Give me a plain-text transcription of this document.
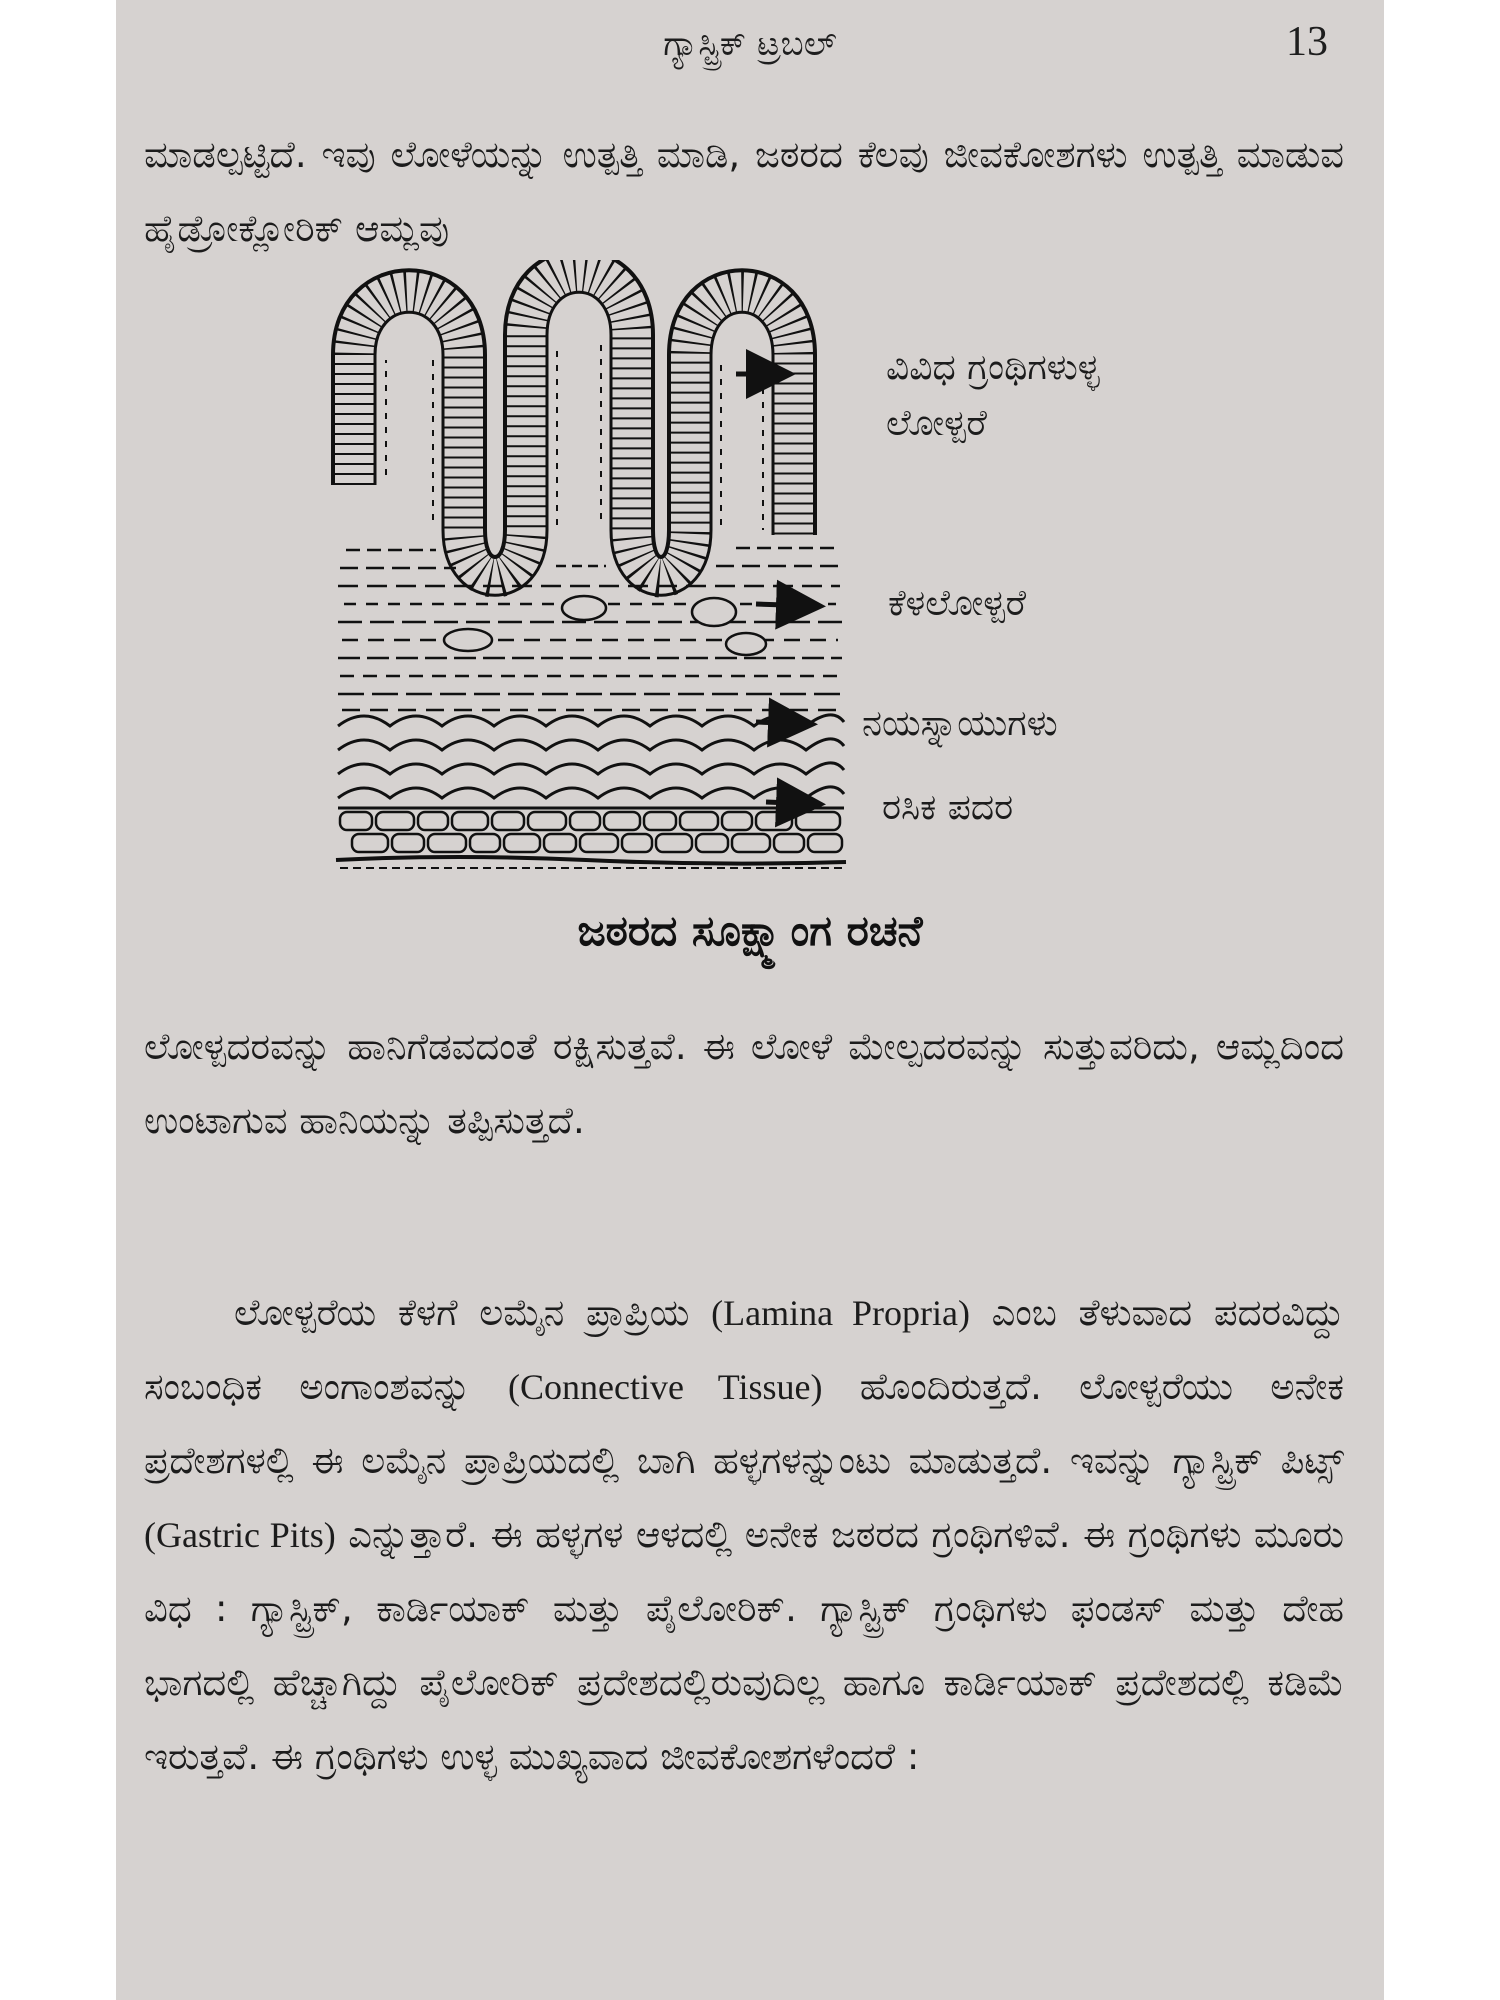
ಗ್ಯಾಸ್ಟ್ರಿಕ್ ಟ್ರಬಲ್	13

ಮಾಡಲ್ಪಟ್ಟಿದೆ. ಇವು ಲೋಳೆಯನ್ನು ಉತ್ಪತ್ತಿ ಮಾಡಿ, ಜಠರದ ಕೆಲವು ಜೀವಕೋಶಗಳು ಉತ್ಪತ್ತಿ ಮಾಡುವ ಹೈಡ್ರೋಕ್ಲೋರಿಕ್ ಆಮ್ಲವು

ವಿವಿಧ ಗ್ರಂಥಿಗಳುಳ್ಳ
ಲೋಳ್ಪರೆ
ಕೆಳಲೋಳ್ಪರೆ
ನಯಸ್ನಾಯುಗಳು
ರಸಿಕ ಪದರ
ಜಠರದ ಸೂಕ್ಷ್ಮಾಂಗ ರಚನೆ

ಲೋಳ್ಪದರವನ್ನು ಹಾನಿಗೆಡವದಂತೆ ರಕ್ಷಿಸುತ್ತವೆ. ಈ ಲೋಳೆ ಮೇಲ್ಪದರವನ್ನು ಸುತ್ತುವರಿದು, ಆಮ್ಲದಿಂದ ಉಂಟಾಗುವ ಹಾನಿಯನ್ನು ತಪ್ಪಿಸುತ್ತದೆ.

ಲೋಳ್ಪರೆಯ ಕೆಳಗೆ ಲಮೈನ ಪ್ರಾಪ್ರಿಯ (Lamina Propria) ಎಂಬ ತೆಳುವಾದ ಪದರವಿದ್ದು ಸಂಬಂಧಿಕ ಅಂಗಾಂಶವನ್ನು (Connective Tissue) ಹೊಂದಿರುತ್ತದೆ. ಲೋಳ್ಪರೆಯು ಅನೇಕ ಪ್ರದೇಶಗಳಲ್ಲಿ ಈ ಲಮೈನ ಪ್ರಾಪ್ರಿಯದಲ್ಲಿ ಬಾಗಿ ಹಳ್ಳಗಳನ್ನುಂಟು ಮಾಡುತ್ತದೆ. ಇವನ್ನು ಗ್ಯಾಸ್ಟ್ರಿಕ್ ಪಿಟ್ಸ್ (Gastric Pits) ಎನ್ನುತ್ತಾರೆ. ಈ ಹಳ್ಳಗಳ ಆಳದಲ್ಲಿ ಅನೇಕ ಜಠರದ ಗ್ರಂಥಿಗಳಿವೆ. ಈ ಗ್ರಂಥಿಗಳು ಮೂರು ವಿಧ : ಗ್ಯಾಸ್ಟ್ರಿಕ್, ಕಾರ್ಡಿಯಾಕ್ ಮತ್ತು ಪೈಲೋರಿಕ್. ಗ್ಯಾಸ್ಟ್ರಿಕ್ ಗ್ರಂಥಿಗಳು ಫಂಡಸ್ ಮತ್ತು ದೇಹ ಭಾಗದಲ್ಲಿ ಹೆಚ್ಚಾಗಿದ್ದು ಪೈಲೋರಿಕ್ ಪ್ರದೇಶದಲ್ಲಿರುವುದಿಲ್ಲ ಹಾಗೂ ಕಾರ್ಡಿಯಾಕ್ ಪ್ರದೇಶದಲ್ಲಿ ಕಡಿಮೆ ಇರುತ್ತವೆ. ಈ ಗ್ರಂಥಿಗಳು ಉಳ್ಳ ಮುಖ್ಯವಾದ ಜೀವಕೋಶಗಳೆಂದರೆ :
